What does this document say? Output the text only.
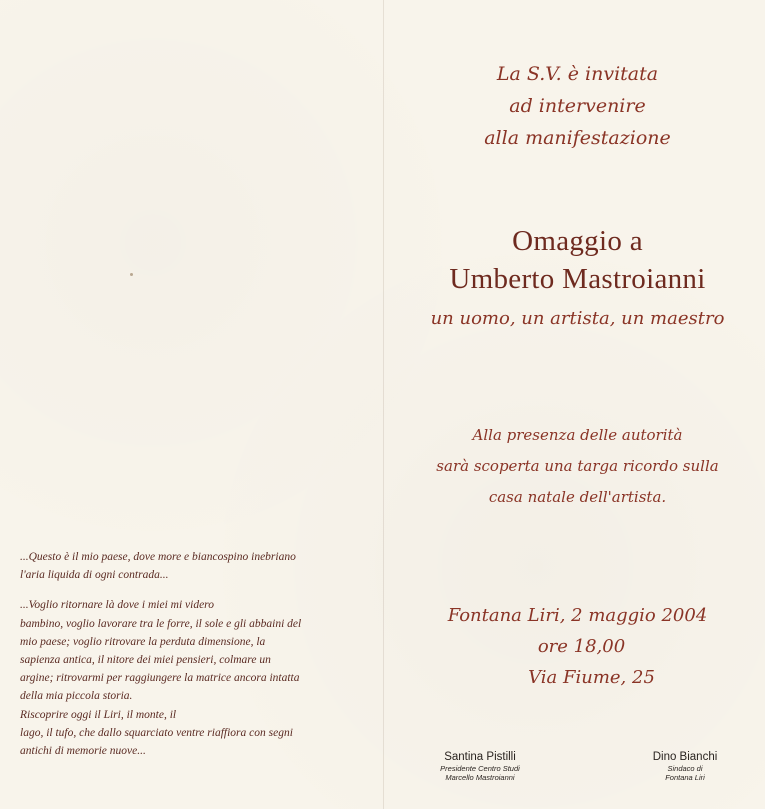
...Questo è il mio paese, dove more e biancospino inebriano
l'aria liquida di ogni contrada...

...Voglio ritornare là dove i miei mi videro
bambino, voglio lavorare tra le forre, il sole e gli abbaini del
mio paese; voglio ritrovare la perduta dimensione, la
sapienza antica, il nitore dei miei pensieri, colmare un
argine; ritrovarmi per raggiungere la matrice ancora intatta
della mia piccola storia.
Riscoprire oggi il Liri, il monte, il
lago, il tufo, che dallo squarciato ventre riaffiora con segni
antichi di memorie nuove...

La S.V. è invitata
ad intervenire
alla manifestazione
Omaggio a
Umberto Mastroianni
un uomo, un artista, un maestro
Alla presenza delle autorità
sarà scoperta una targa ricordo sulla
casa natale dell'artista.
Fontana Liri, 2 maggio 2004
ore 18,00
Via Fiume, 25
Santina Pistilli
Presidente Centro Studi
Marcello Mastroianni
Dino Bianchi
Sindaco di
Fontana Liri
